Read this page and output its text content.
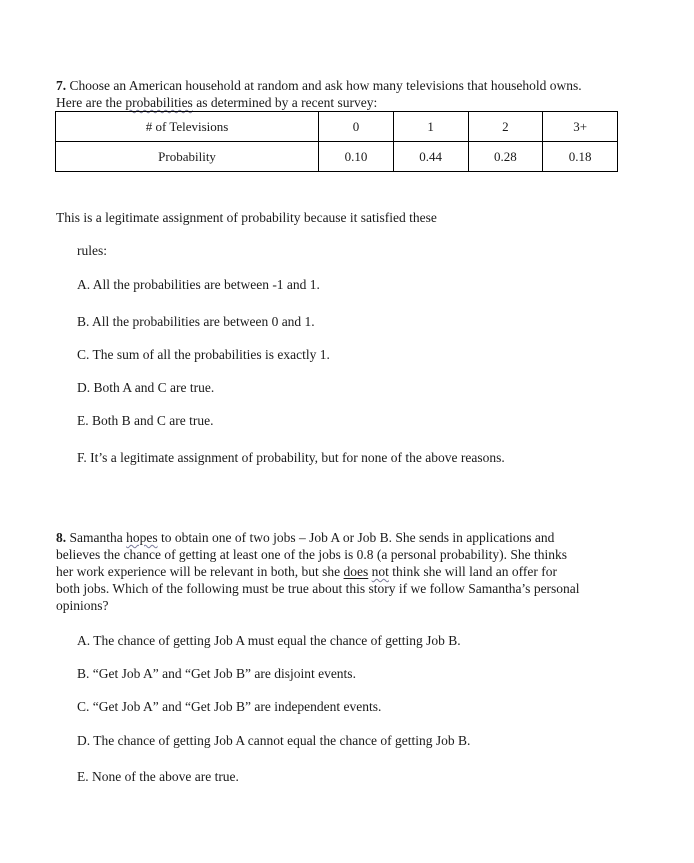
7. Choose an American household at random and ask how many televisions that household owns.
Here are the probabilities as determined by a recent survey:
# of Televisions	0	1	2	3+
Probability	0.10	0.44	0.28	0.18
This is a legitimate assignment of probability because it satisfied these
rules:
A. All the probabilities are between -1 and 1.
B. All the probabilities are between 0 and 1.
C. The sum of all the probabilities is exactly 1.
D. Both A and C are true.
E. Both B and C are true.
F. It’s a legitimate assignment of probability, but for none of the above reasons.
8. Samantha hopes to obtain one of two jobs – Job A or Job B. She sends in applications and
believes the chance of getting at least one of the jobs is 0.8 (a personal probability). She thinks
her work experience will be relevant in both, but she does not think she will land an offer for
both jobs. Which of the following must be true about this story if we follow Samantha’s personal
opinions?
A. The chance of getting Job A must equal the chance of getting Job B.
B. “Get Job A” and “Get Job B” are disjoint events.
C. “Get Job A” and “Get Job B” are independent events.
D. The chance of getting Job A cannot equal the chance of getting Job B.
E. None of the above are true.
